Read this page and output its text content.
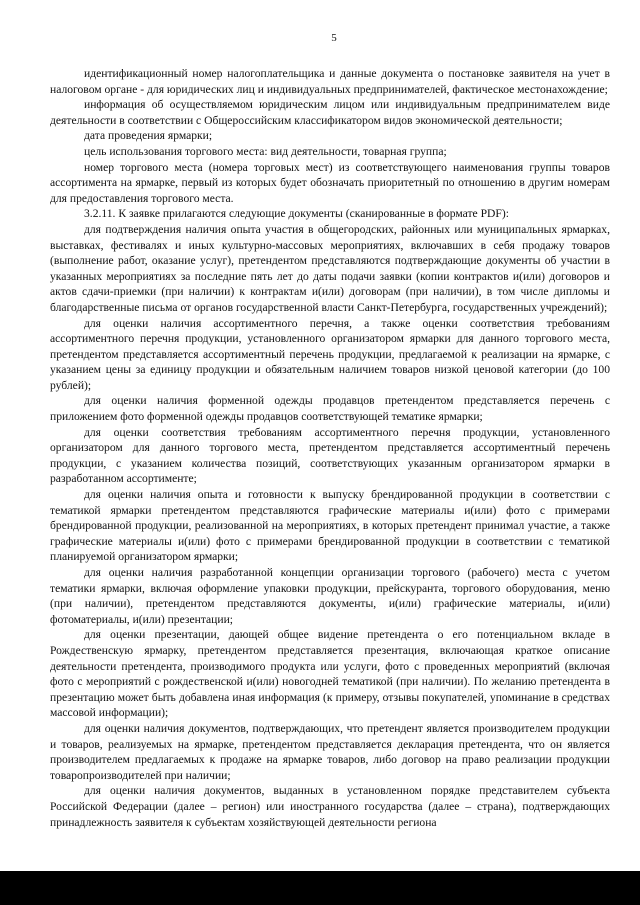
5

идентификационный номер налогоплательщика и данные документа о постановке заявителя на учет в налоговом органе - для юридических лиц и индивидуальных предпринимателей, фактическое местонахождение;

информация об осуществляемом юридическим лицом или индивидуальным предпринимателем виде деятельности в соответствии с Общероссийским классификатором видов экономической деятельности;

дата проведения ярмарки;

цель использования торгового места: вид деятельности, товарная группа;

номер торгового места (номера торговых мест) из соответствующего наименования группы товаров ассортимента на ярмарке, первый из которых будет обозначать приоритетный по отношению в другим номерам для предоставления торгового места.

3.2.11. К заявке прилагаются следующие документы (сканированные в формате PDF):

для подтверждения наличия опыта участия в общегородских, районных или муниципальных ярмарках, выставках, фестивалях и иных культурно-массовых мероприятиях, включавших в себя продажу товаров (выполнение работ, оказание услуг), претендентом представляются подтверждающие документы об участии в указанных мероприятиях за последние пять лет до даты подачи заявки (копии контрактов и(или) договоров и актов сдачи-приемки (при наличии) к контрактам и(или) договорам (при наличии), в том числе дипломы и благодарственные письма от органов государственной власти Санкт-Петербурга, государственных учреждений);

для оценки наличия ассортиментного перечня, а также оценки соответствия требованиям ассортиментного перечня продукции, установленного организатором ярмарки для данного торгового места, претендентом представляется ассортиментный перечень продукции, предлагаемой к реализации на ярмарке, с указанием цены за единицу продукции и обязательным наличием товаров низкой ценовой категории (до 100 рублей);

для оценки наличия форменной одежды продавцов претендентом представляется перечень с приложением фото форменной одежды продавцов соответствующей тематике ярмарки;

для оценки соответствия требованиям ассортиментного перечня продукции, установленного организатором для данного торгового места, претендентом представляется ассортиментный перечень продукции, с указанием количества позиций, соответствующих указанным организатором ярмарки в разработанном ассортименте;

для оценки наличия опыта и готовности к выпуску брендированной продукции в соответствии с тематикой ярмарки претендентом представляются графические материалы и(или) фото с примерами брендированной продукции, реализованной на мероприятиях, в которых претендент принимал участие, а также графические материалы и(или) фото с примерами брендированной продукции в соответствии с тематикой планируемой организатором ярмарки;

для оценки наличия разработанной концепции организации торгового (рабочего) места с учетом тематики ярмарки, включая оформление упаковки продукции, прейскуранта, торгового оборудования, меню (при наличии), претендентом представляются документы, и(или) графические материалы, и(или) фотоматериалы, и(или) презентации;

для оценки презентации, дающей общее видение претендента о его потенциальном вкладе в Рождественскую ярмарку, претендентом представляется презентация, включающая краткое описание деятельности претендента, производимого продукта или услуги, фото с проведенных мероприятий (включая фото с мероприятий с рождественской и(или) новогодней тематикой (при наличии). По желанию претендента в презентацию может быть добавлена иная информация (к примеру, отзывы покупателей, упоминание в средствах массовой информации);

для оценки наличия документов, подтверждающих, что претендент является производителем продукции и товаров, реализуемых на ярмарке, претендентом представляется декларация претендента, что он является производителем предлагаемых к продаже на ярмарке товаров, либо договор на право реализации продукции товаропроизводителей при наличии;

для оценки наличия документов, выданных в установленном порядке представителем субъекта Российской Федерации (далее – регион) или иностранного государства (далее – страна), подтверждающих принадлежность заявителя к субъектам хозяйствующей деятельности региона
